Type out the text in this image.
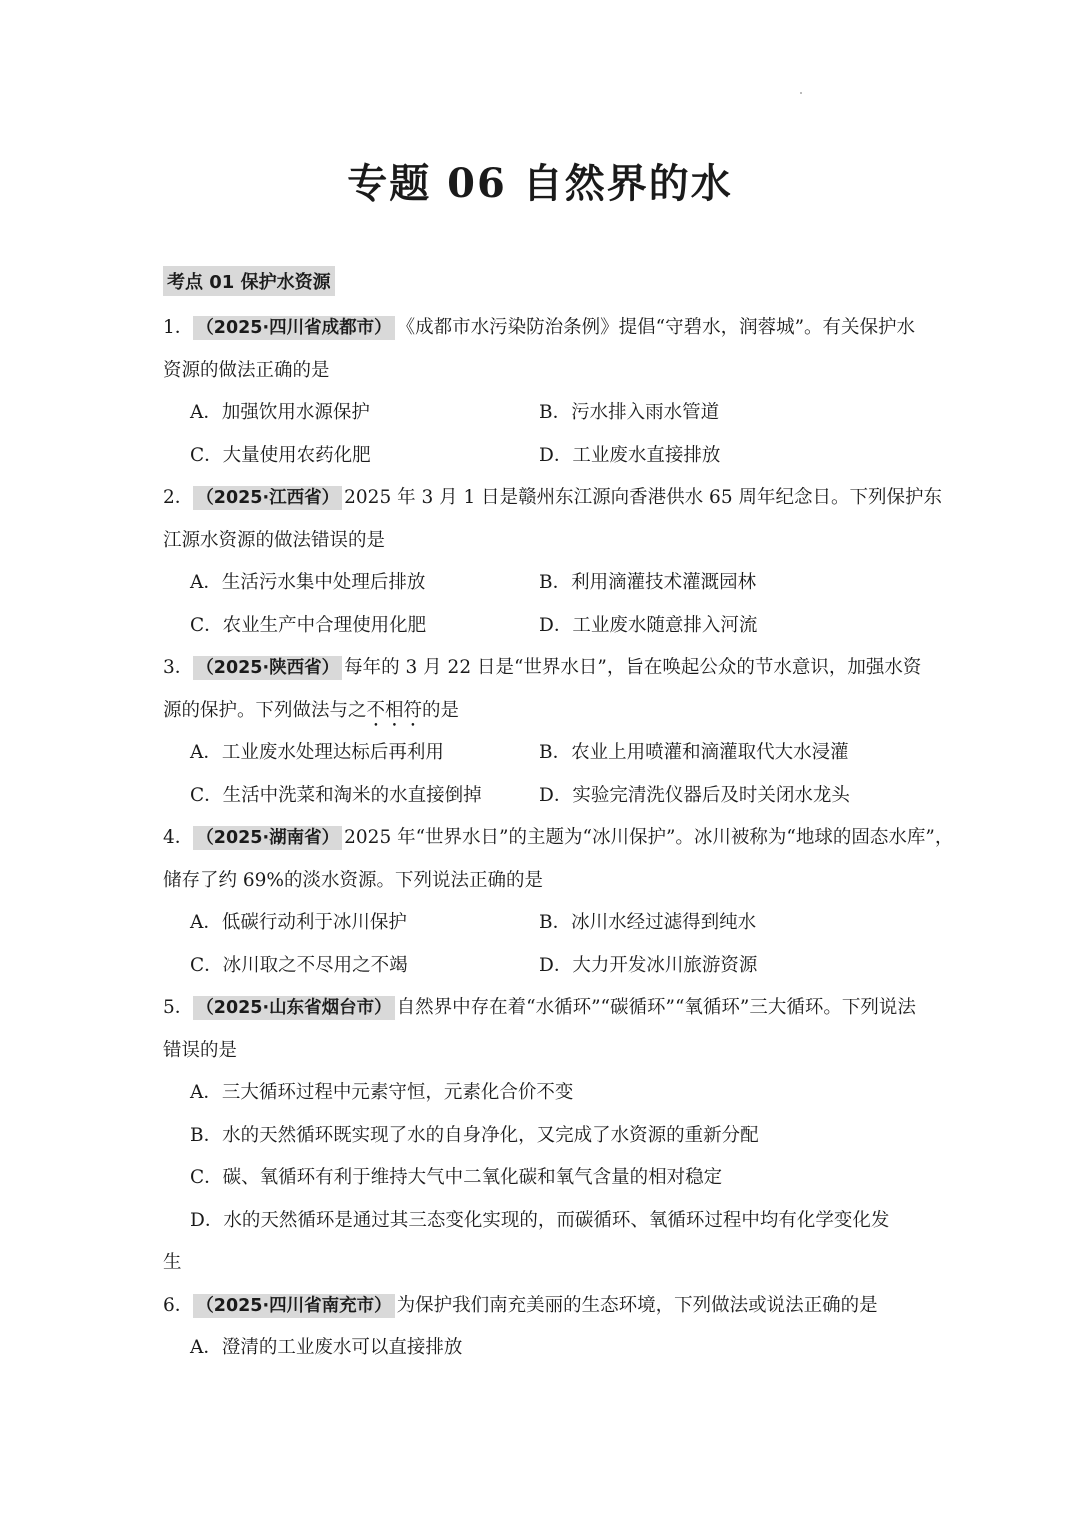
专题 06 自然界的水
考点 01 保护水资源
1． （2025·四川省成都市） 《成都市水污染防治条例》提倡“守碧水，润蓉城”。有关保护水
资源的做法正确的是
A．加强饮用水源保护	B．污水排入雨水管道
C．大量使用农药化肥	D．工业废水直接排放
2． （2025·江西省） 2025 年 3 月 1 日是赣州东江源向香港供水 65 周年纪念日。下列保护东
江源水资源的做法错误的是
A．生活污水集中处理后排放	B．利用滴灌技术灌溉园林
C．农业生产中合理使用化肥	D．工业废水随意排入河流
3． （2025·陕西省） 每年的 3 月 22 日是“世界水日”，旨在唤起公众的节水意识，加强水资
源的保护。下列做法与之不相符的是
A．工业废水处理达标后再利用	B．农业上用喷灌和滴灌取代大水浸灌
C．生活中洗菜和淘米的水直接倒掉	D．实验完清洗仪器后及时关闭水龙头
4． （2025·湖南省） 2025 年“世界水日”的主题为“冰川保护”。冰川被称为“地球的固态水库”，
储存了约 69%的淡水资源。下列说法正确的是
A．低碳行动利于冰川保护	B．冰川水经过滤得到纯水
C．冰川取之不尽用之不竭	D．大力开发冰川旅游资源
5． （2025·山东省烟台市） 自然界中存在着“水循环”“碳循环”“氧循环”三大循环。下列说法
错误的是
A．三大循环过程中元素守恒，元素化合价不变
B．水的天然循环既实现了水的自身净化，又完成了水资源的重新分配
C．碳、氧循环有利于维持大气中二氧化碳和氧气含量的相对稳定
D．水的天然循环是通过其三态变化实现的，而碳循环、氧循环过程中均有化学变化发
生
6． （2025·四川省南充市） 为保护我们南充美丽的生态环境，下列做法或说法正确的是
A．澄清的工业废水可以直接排放
